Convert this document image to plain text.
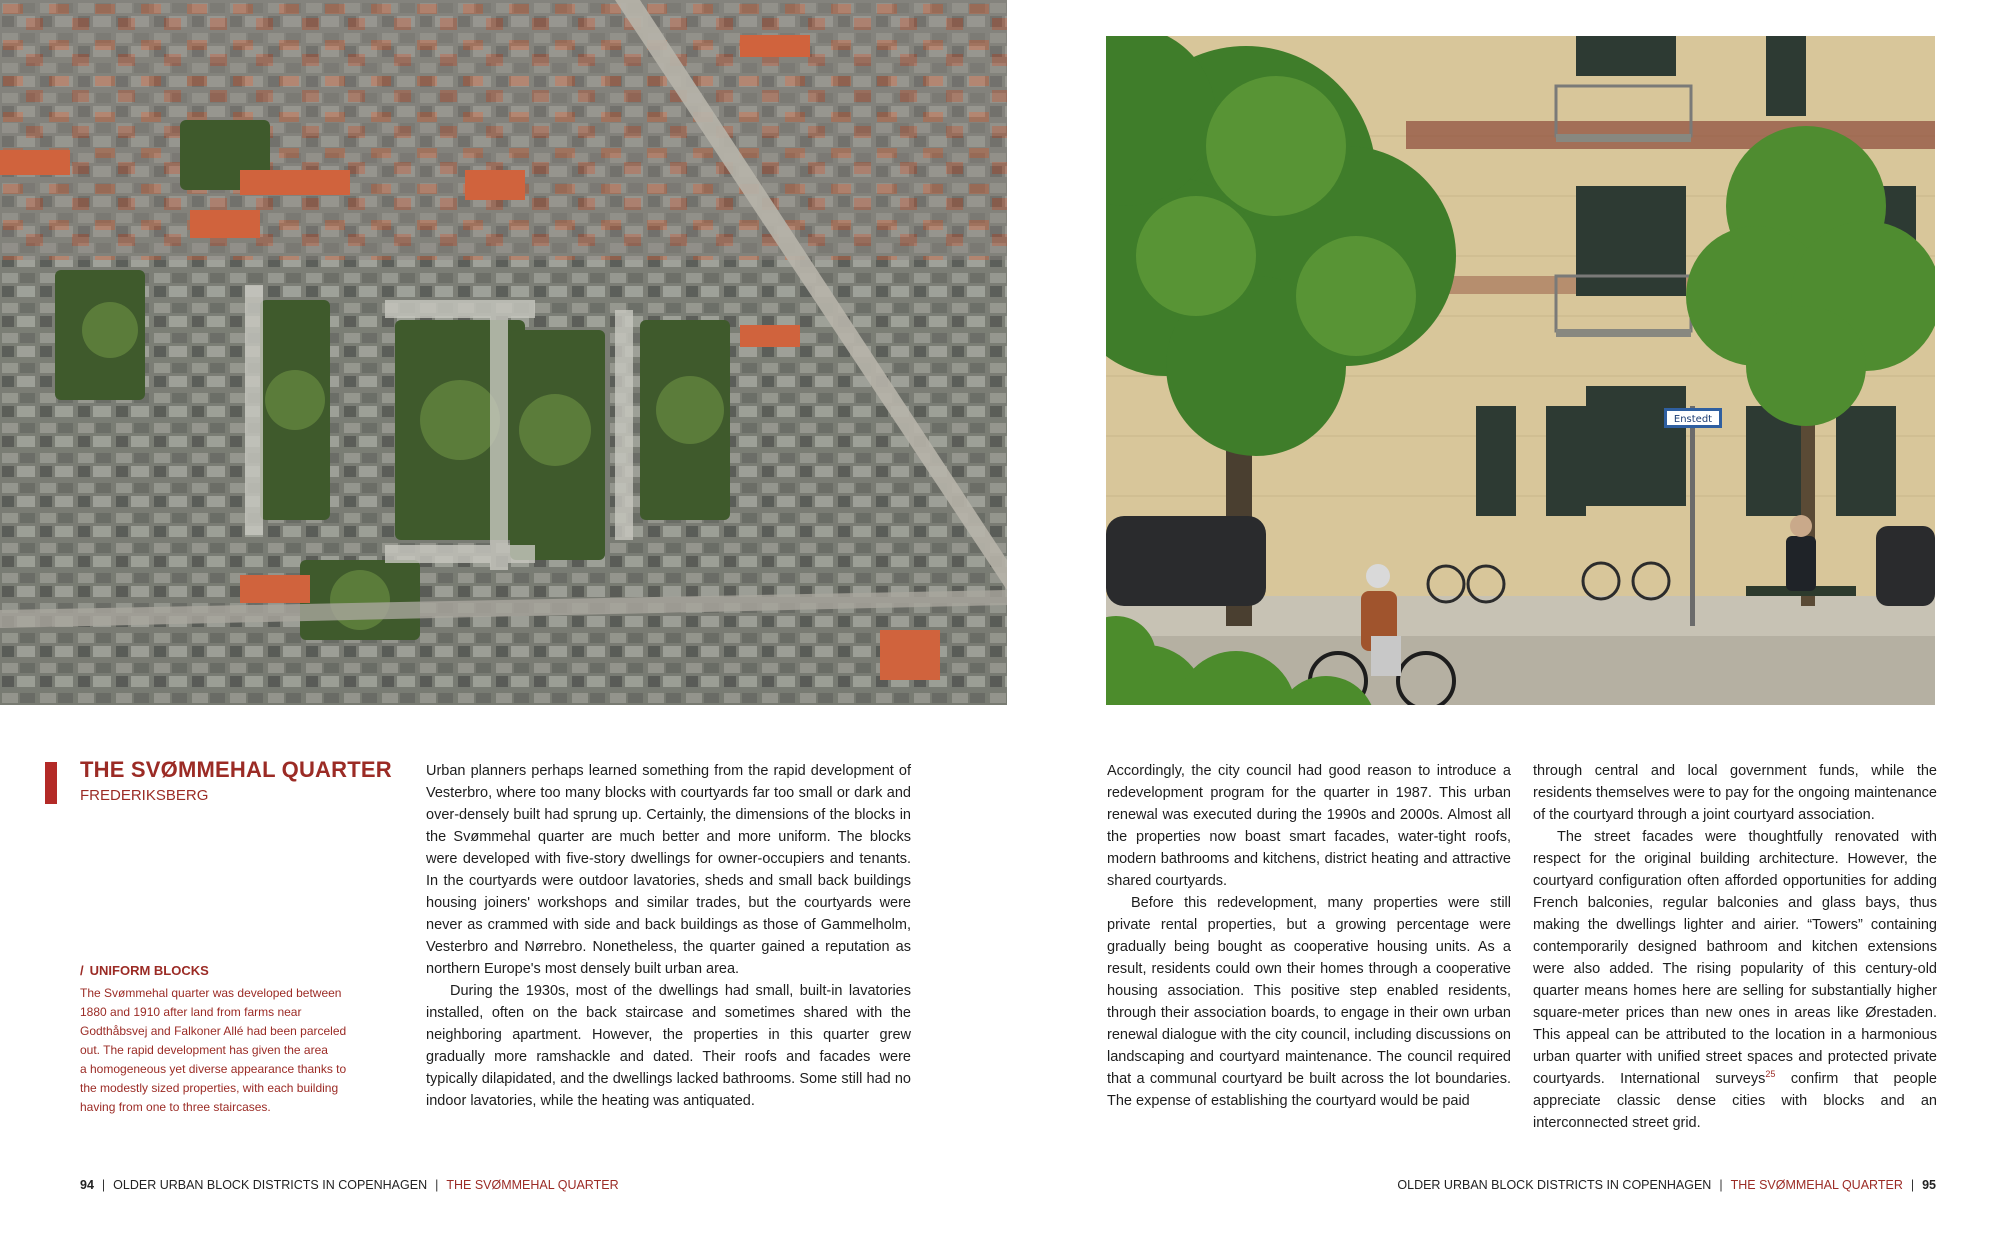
Enstedt
THE SVØMMEHAL QUARTER
FREDERIKSBERG
/ UNIFORM BLOCKS
The Svømmehal quarter was developed between
1880 and 1910 after land from farms near
Godthåbsvej and Falkoner Allé had been parceled
out. The rapid development has given the area
a homogeneous yet diverse appearance thanks to
the modestly sized properties, with each building
having from one to three staircases.

Urban planners perhaps learned something from the rapid development of Vesterbro, where too many blocks with courtyards far too small or dark and over-densely built had sprung up. Certainly, the dimensions of the blocks in the Svømmehal quarter are much better and more uniform. The blocks were developed with five-story dwellings for owner-occupiers and tenants. In the courtyards were outdoor lavatories, sheds and small back buildings housing joiners' workshops and similar trades, but the courtyards were never as crammed with side and back buildings as those of Gammelholm, Vesterbro and Nørrebro. Nonetheless, the quarter gained a reputation as northern Europe's most densely built urban area.

During the 1930s, most of the dwellings had small, built-in lavatories installed, often on the back staircase and sometimes shared with the neighboring apartment. However, the properties in this quarter grew gradually more ramshackle and dated. Their roofs and facades were typically dilapidated, and the dwellings lacked bathrooms. Some still had no indoor lavatories, while the heating was antiquated.

Accordingly, the city council had good reason to introduce a redevelopment program for the quarter in 1987. This urban renewal was executed during the 1990s and 2000s. Almost all the properties now boast smart facades, water-tight roofs, modern bathrooms and kitchens, district heating and attractive shared courtyards.

Before this redevelopment, many properties were still private rental properties, but a growing percentage were gradually being bought as cooperative housing units. As a result, residents could own their homes through a cooperative housing association. This positive step enabled residents, through their association boards, to engage in their own urban renewal dialogue with the city council, including discussions on landscaping and courtyard maintenance. The council required that a communal courtyard be built across the lot boundaries. The expense of establishing the courtyard would be paid

through central and local government funds, while the residents themselves were to pay for the ongoing maintenance of the courtyard through a joint courtyard association.

The street facades were thoughtfully renovated with respect for the original building architecture. However, the courtyard configuration often afforded opportunities for adding French balconies, regular balconies and glass bays, thus making the dwellings lighter and airier. “Towers” containing contemporarily designed bathroom and kitchen extensions were also added. The rising popularity of this century-old quarter means homes here are selling for substantially higher square-meter prices than new ones in areas like Ørestaden. This appeal can be attributed to the location in a harmonious urban quarter with unified street spaces and protected private courtyards. International surveys$^{25}$ confirm that people appreciate classic dense cities with blocks and an interconnected street grid.

94 | OLDER URBAN BLOCK DISTRICTS IN COPENHAGEN | THE SVØMMEHAL QUARTER	OLDER URBAN BLOCK DISTRICTS IN COPENHAGEN | THE SVØMMEHAL QUARTER | 95
